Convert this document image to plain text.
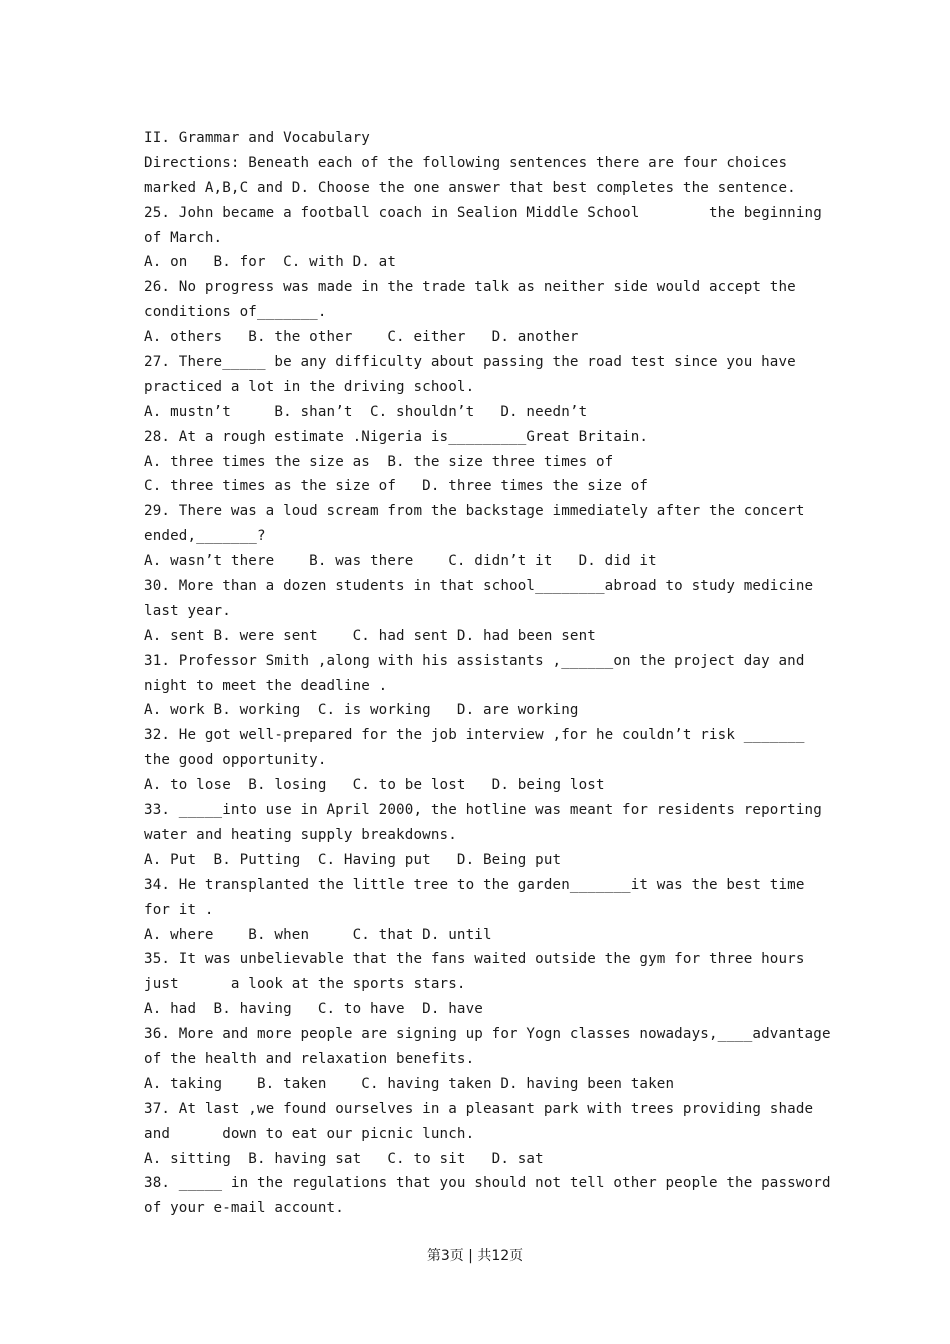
II. Grammar and Vocabulary
Directions: Beneath each of the following sentences there are four choices
marked A,B,C and D. Choose the one answer that best completes the sentence.
25. John became a football coach in Sealion Middle School        the beginning
of March.
A. on   B. for  C. with D. at
26. No progress was made in the trade talk as neither side would accept the
conditions of_______.
A. others   B. the other    C. either   D. another
27. There_____ be any difficulty about passing the road test since you have
practiced a lot in the driving school.
A. mustn’t     B. shan’t  C. shouldn’t   D. needn’t
28. At a rough estimate .Nigeria is_________Great Britain.
A. three times the size as  B. the size three times of
C. three times as the size of   D. three times the size of
29. There was a loud scream from the backstage immediately after the concert
ended,_______?
A. wasn’t there    B. was there    C. didn’t it   D. did it
30. More than a dozen students in that school________abroad to study medicine
last year.
A. sent B. were sent    C. had sent D. had been sent
31. Professor Smith ,along with his assistants ,______on the project day and
night to meet the deadline .
A. work B. working  C. is working   D. are working
32. He got well-prepared for the job interview ,for he couldn’t risk _______
the good opportunity.
A. to lose  B. losing   C. to be lost   D. being lost
33. _____into use in April 2000, the hotline was meant for residents reporting
water and heating supply breakdowns.
A. Put  B. Putting  C. Having put   D. Being put
34. He transplanted the little tree to the garden_______it was the best time
for it .
A. where    B. when     C. that D. until
35. It was unbelievable that the fans waited outside the gym for three hours
just      a look at the sports stars.
A. had  B. having   C. to have  D. have
36. More and more people are signing up for Yogn classes nowadays,____advantage
of the health and relaxation benefits.
A. taking    B. taken    C. having taken D. having been taken
37. At last ,we found ourselves in a pleasant park with trees providing shade
and      down to eat our picnic lunch.
A. sitting  B. having sat   C. to sit   D. sat
38. _____ in the regulations that you should not tell other people the password
of your e-mail account.
第3页 | 共12页
